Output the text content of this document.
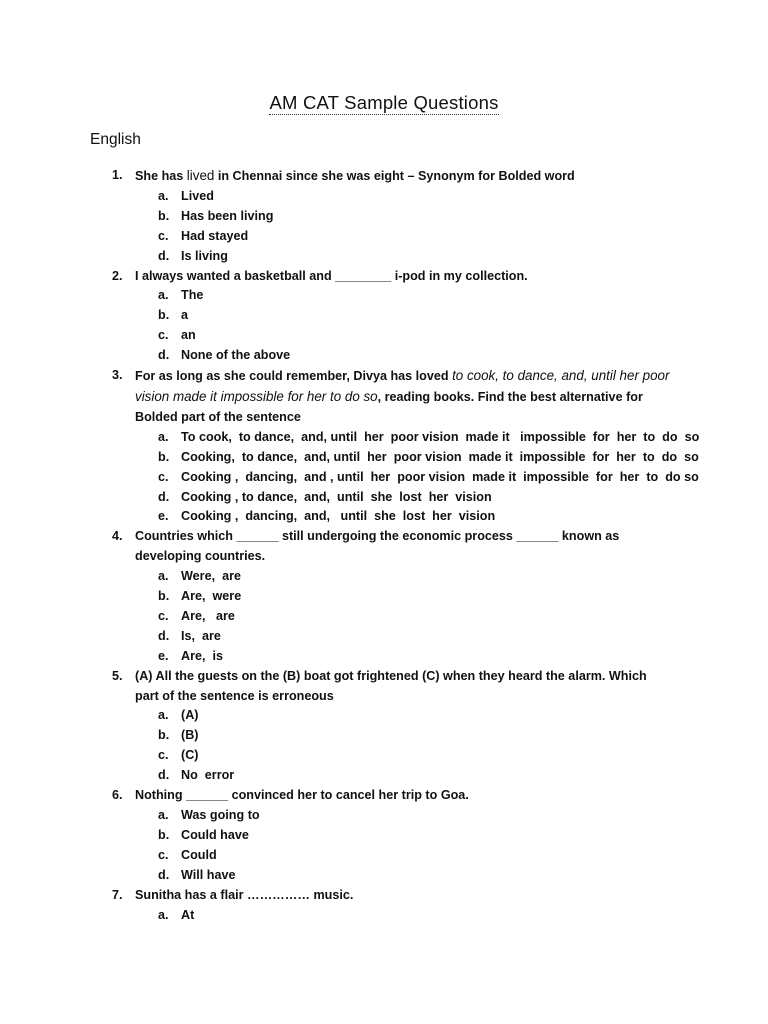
AM CAT Sample Questions
English
1. She has lived in Chennai since she was eight – Synonym for Bolded word
a. Lived
b. Has been living
c. Had stayed
d. Is living
2. I always wanted a basketball and ________ i-pod in my collection.
a. The
b. a
c. an
d. None of the above
3. For as long as she could remember, Divya has loved to cook, to dance, and, until her poor vision made it impossible for her to do so, reading books. Find the best alternative for Bolded part of the sentence
a. To cook,  to dance,  and, until  her  poor vision  made it   impossible  for  her  to  do  so
b. Cooking,  to dance,  and, until  her  poor vision  made it  impossible  for  her  to  do  so
c. Cooking ,  dancing,  and , until  her  poor vision  made it  impossible  for  her  to  do so
d. Cooking , to dance,  and,  until  she  lost  her  vision
e. Cooking ,  dancing,  and,   until  she  lost  her  vision
4. Countries which ______ still undergoing the economic process ______ known as developing countries.
a. Were,  are
b. Are,  were
c. Are,   are
d. Is,  are
e. Are,  is
5. (A) All the guests on the (B) boat got frightened (C) when they heard the alarm. Which part of the sentence is erroneous
a. (A)
b. (B)
c. (C)
d. No  error
6. Nothing ______ convinced her to cancel her trip to Goa.
a. Was going to
b. Could have
c. Could
d. Will have
7. Sunitha has a flair …………… music.
a. At
